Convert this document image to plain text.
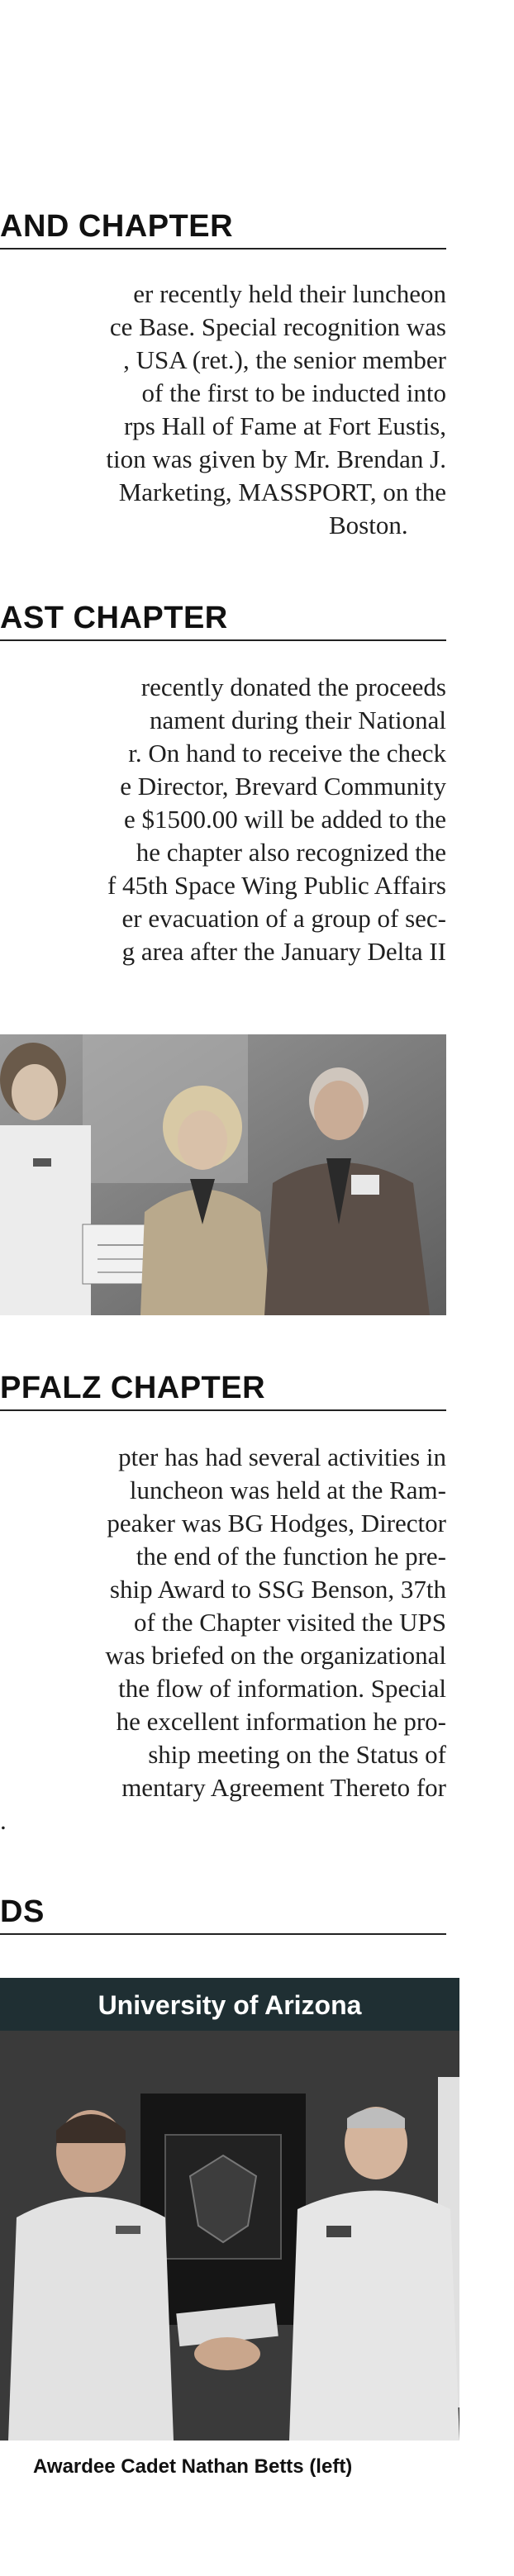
AND CHAPTER
er recently held their luncheon
ce Base. Special recognition was
, USA (ret.), the senior member
of the first to be inducted into
rps Hall of Fame at Fort Eustis,
tion was given by Mr. Brendan J.
Marketing, MASSPORT, on the
Boston.
AST CHAPTER
recently donated the proceeds
nament during their National
r. On hand to receive the check
e Director, Brevard Community
e $1500.00 will be added to the
he chapter also recognized the
f 45th Space Wing Public Affairs
er evacuation of a group of sec-
g area after the January Delta II
PFALZ CHAPTER
pter has had several activities in
luncheon was held at the Ram-
peaker was BG Hodges, Director
the end of the function he pre-
ship Award to SSG Benson, 37th
of the Chapter visited the UPS
was briefed on the organizational
the flow of information. Special
he excellent information he pro-
ship meeting on the Status of
mentary Agreement Thereto for
.
DS
University of Arizona
Awardee Cadet Nathan Betts (left)
